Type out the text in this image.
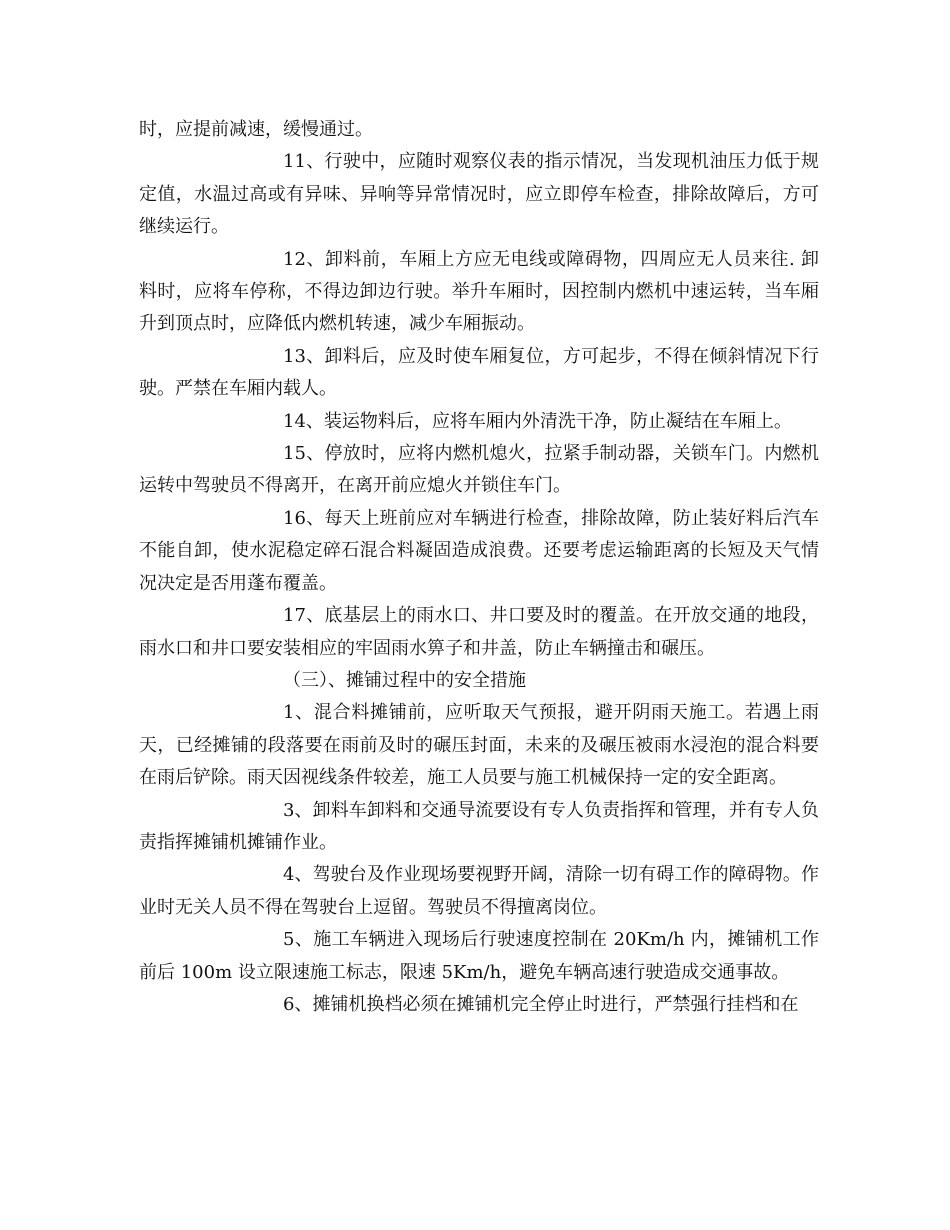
时，应提前减速，缓慢通过。

11、行驶中，应随时观察仪表的指示情况，当发现机油压力低于规定值，水温过高或有异味、异响等异常情况时，应立即停车检查，排除故障后，方可继续运行。

12、卸料前，车厢上方应无电线或障碍物，四周应无人员来往. 卸料时，应将车停称，不得边卸边行驶。举升车厢时，因控制内燃机中速运转，当车厢升到顶点时，应降低内燃机转速，减少车厢振动。

13、卸料后，应及时使车厢复位，方可起步，不得在倾斜情况下行驶。严禁在车厢内载人。

14、装运物料后，应将车厢内外清洗干净，防止凝结在车厢上。

15、停放时，应将内燃机熄火，拉紧手制动器，关锁车门。内燃机运转中驾驶员不得离开，在离开前应熄火并锁住车门。

16、每天上班前应对车辆进行检查，排除故障，防止装好料后汽车不能自卸，使水泥稳定碎石混合料凝固造成浪费。还要考虑运输距离的长短及天气情况决定是否用蓬布覆盖。

17、底基层上的雨水口、井口要及时的覆盖。在开放交通的地段，雨水口和井口要安装相应的牢固雨水箅子和井盖，防止车辆撞击和碾压。

（三）、摊铺过程中的安全措施

1、混合料摊铺前，应听取天气预报，避开阴雨天施工。若遇上雨天，已经摊铺的段落要在雨前及时的碾压封面，未来的及碾压被雨水浸泡的混合料要在雨后铲除。雨天因视线条件较差，施工人员要与施工机械保持一定的安全距离。

3、卸料车卸料和交通导流要设有专人负责指挥和管理，并有专人负责指挥摊铺机摊铺作业。

4、驾驶台及作业现场要视野开阔，清除一切有碍工作的障碍物。作业时无关人员不得在驾驶台上逗留。驾驶员不得擅离岗位。

5、施工车辆进入现场后行驶速度控制在 20Km/h 内，摊铺机工作前后 100m 设立限速施工标志，限速 5Km/h，避免车辆高速行驶造成交通事故。

6、摊铺机换档必须在摊铺机完全停止时进行，严禁强行挂档和在
